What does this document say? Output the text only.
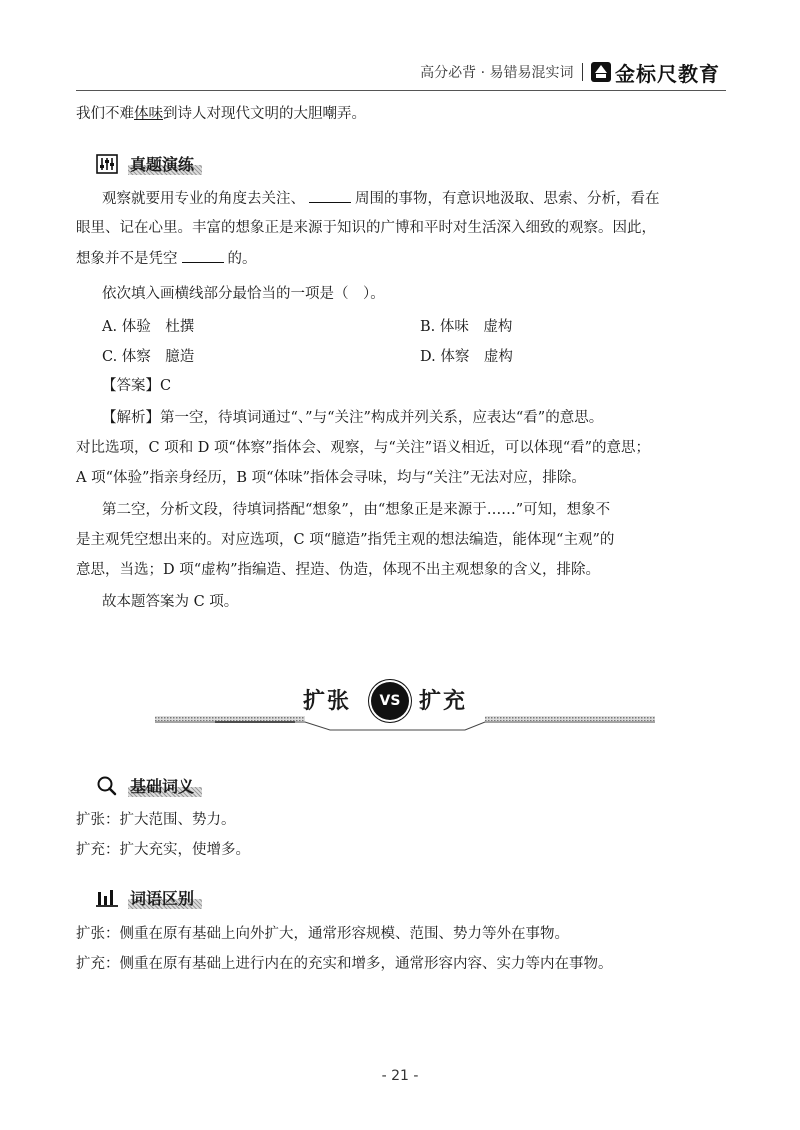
高分必背 · 易错易混实词 金标尺教育
我们不难体味到诗人对现代文明的大胆嘲弄。
真题演练
观察就要用专业的角度去关注、	周围的事物，有意识地汲取、思索、分析，看在
眼里、记在心里。丰富的想象正是来源于知识的广博和平时对生活深入细致的观察。因此，
想象并不是凭空	的。
依次填入画横线部分最恰当的一项是（　）。
A. 体验　杜撰	B. 体味　虚构
C. 体察　臆造	D. 体察　虚构
【答案】C
【解析】第一空，待填词通过“、”与“关注”构成并列关系，应表达“看”的意思。
对比选项，C 项和 D 项“体察”指体会、观察，与“关注”语义相近，可以体现“看”的意思；
A 项“体验”指亲身经历，B 项“体味”指体会寻味，均与“关注”无法对应，排除。
第二空，分析文段，待填词搭配“想象”，由“想象正是来源于……”可知，想象不
是主观凭空想出来的。对应选项，C 项“臆造”指凭主观的想法编造，能体现“主观”的
意思，当选；D 项“虚构”指编造、捏造、伪造，体现不出主观想象的含义，排除。
故本题答案为 C 项。
扩张	VS 扩充
基础词义
扩张：扩大范围、势力。
扩充：扩大充实，使增多。
词语区别
扩张：侧重在原有基础上向外扩大，通常形容规模、范围、势力等外在事物。
扩充：侧重在原有基础上进行内在的充实和增多，通常形容内容、实力等内在事物。
- 21 -
